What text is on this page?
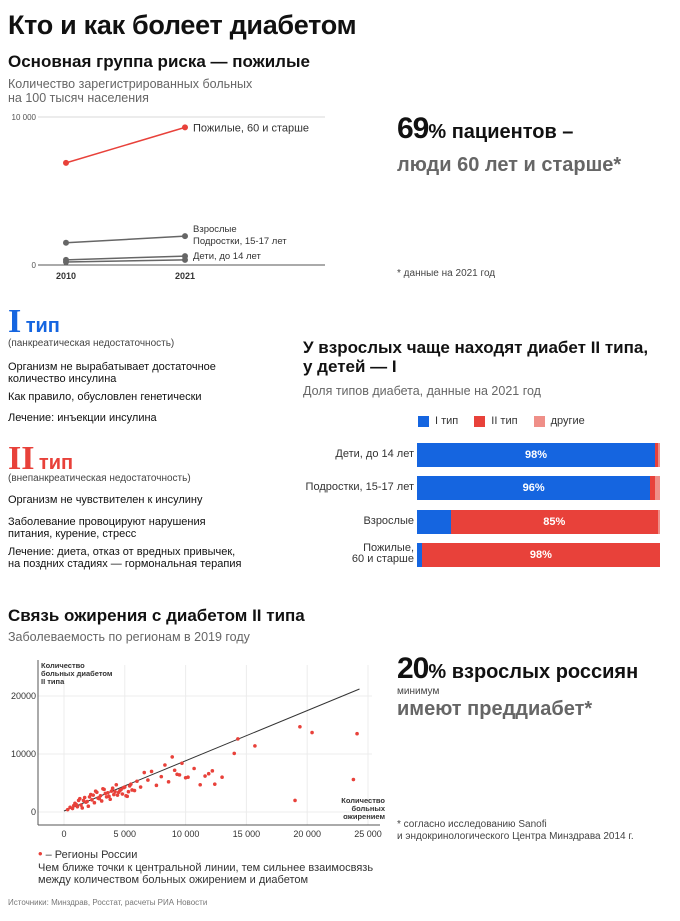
Кто и как болеет диабетом
Основная группа риска — пожилые
Количество зарегистрированных больных
на 100 тысяч населения
10 000
0
2010	2021
Пожилые, 60 и старше
Взрослые
Подростки, 15-17 лет
Дети, до 14 лет
69% пациентов –
люди 60 лет и старше*
* данные на 2021 год
I тип
(панкреатическая недостаточность)
Организм не вырабатывает достаточное
количество инсулина
Как правило, обусловлен генетически
Лечение: инъекции инсулина
II тип
(внепанкреатическая недостаточность)
Организм не чувствителен к инсулину
Заболевание провоцируют нарушения
питания, курение, стресс
Лечение: диета, отказ от вредных привычек,
на поздних стадиях — гормональная терапия
У взрослых чаще находят диабет II типа,
у детей — I
Доля типов диабета, данные на 2021 год
I тип	II тип	другие
Дети, до 14 лет	98%
Подростки, 15-17 лет	96%
Взрослые	85%
Пожилые,
60 и старше	98%
Связь ожирения с диабетом II типа
Заболеваемость по регионам в 2019 году
0	5 000	10 000	15 000	20 000	25 000
20000
10000
0
Количество
больных диабетом
II типа
Количество
больных
ожирением
• – Регионы России
Чем ближе точки к центральной линии, тем сильнее взаимосвязь
между количеством больных ожирением и диабетом
20% взрослых россиян
минимум
имеют преддиабет*
* согласно исследованию Sanofi
и эндокринологического Центра Минздрава 2014 г.
Источники: Минздрав, Росстат, расчеты РИА Новости
